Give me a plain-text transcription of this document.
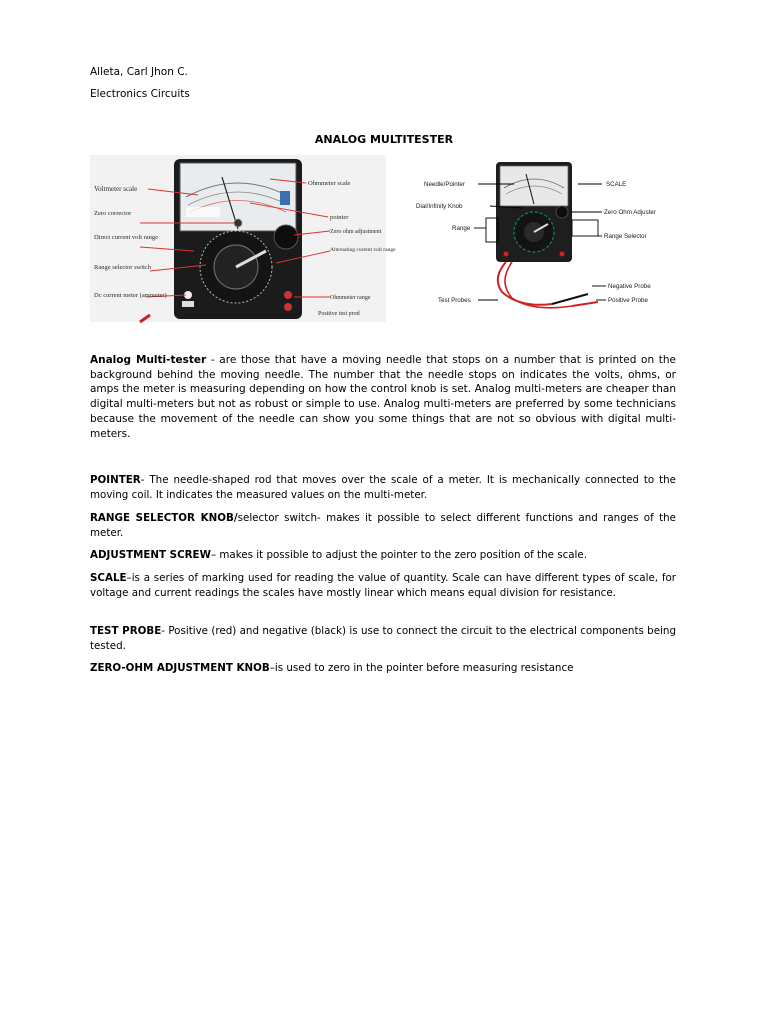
Alleta, Carl Jhon C.
Electronics Circuits
ANALOG MULTITESTER
Voltmeter scale
Zero corrector
Direct current volt range
Range selector switch
Dc current meter (ammeter)
Ohmmeter scale
pointer
Zero ohm adjustment
Alternating current volt range
Ohmmeter range
Positive test prod
Needle/Pointer
Dial/Infinity Knob
Range
Test Probes
SCALE
Zero Ohm Adjuster
Range Selector
Negative Probe
Positive Probe

Analog Multi-tester - are those that have a moving needle that stops on a number that is printed on the background behind the moving needle. The number that the needle stops on indicates the volts, ohms, or amps the meter is measuring depending on how the control knob is set. Analog multi-meters are cheaper than digital multi-meters but not as robust or simple to use. Analog multi-meters are preferred by some technicians because the movement of the needle can show you some things that are not so obvious with digital multi-meters.

POINTER- The needle-shaped rod that moves over the scale of a meter. It is mechanically connected to the moving coil. It indicates the measured values on the multi-meter.

RANGE SELECTOR KNOB/selector switch- makes it possible to select different functions and ranges of the meter.

ADJUSTMENT SCREW– makes it possible to adjust the pointer to the zero position of the scale.

SCALE–is a series of marking used for reading the value of quantity. Scale can have different types of scale, for voltage and current readings the scales have mostly linear which means equal division for resistance.

TEST PROBE- Positive (red) and negative (black) is use to connect the circuit to the electrical components being tested.

ZERO-OHM ADJUSTMENT KNOB–is used to zero in the pointer before measuring resistance
